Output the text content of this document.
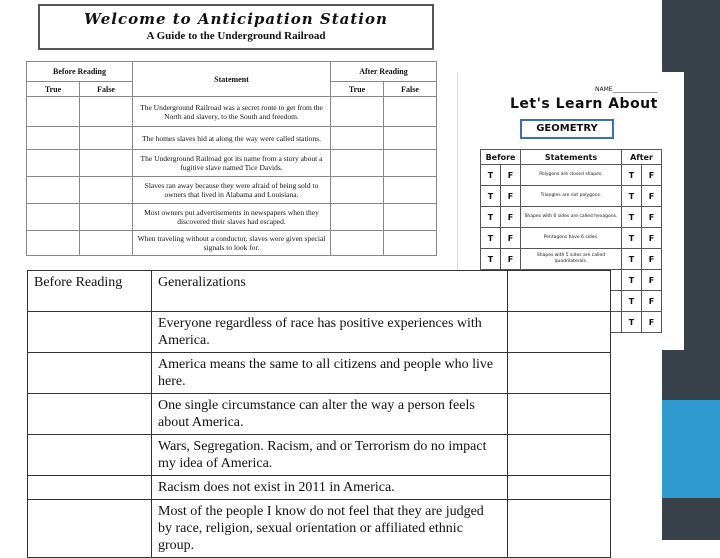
Welcome to Anticipation Station
A Guide to the Underground Railroad
Before Reading		Statement	After Reading	
True	False		True	False
		The Underground Railroad was a secret route to get from the North and slavery, to the South and freedom.		
		The homes slaves hid at along the way were called stations.		
		The Underground Railroad got its name from a story about a fugitive slave named Tice Davids.		
		Slaves ran away because they were afraid of being sold to owners that lived in Alabama and Louisiana.		
		Most owners put advertisements in newspapers when they discovered their slaves had escaped.		
		When traveling without a conductor, slaves were given special signals to look for.		
NAME_______________
Let's Learn About
GEOMETRY
Before		Statements	After	
T	F	Polygons are closed shapes.	T	F
T	F	Triangles are not polygons.	T	F
T	F	Shapes with 6 sides are called hexagons.	T	F
T	F	Pentagons have 6 sides.	T	F
T	F	Shapes with 5 sides are called quadrilaterals.	T	F
			T	F
			T	F
			T	F
Before Reading	Generalizations	
	Everyone regardless of race has positive experiences with America.	
	America means the same to all citizens and people who live here.	
	One single circumstance can alter the way a person feels about America.	
	Wars, Segregation. Racism, and or Terrorism do no impact my idea of America.	
	Racism does not exist in 2011 in America.	
	Most of the people I know do not feel that they are judged by race, religion, sexual orientation or affiliated ethnic group.	
